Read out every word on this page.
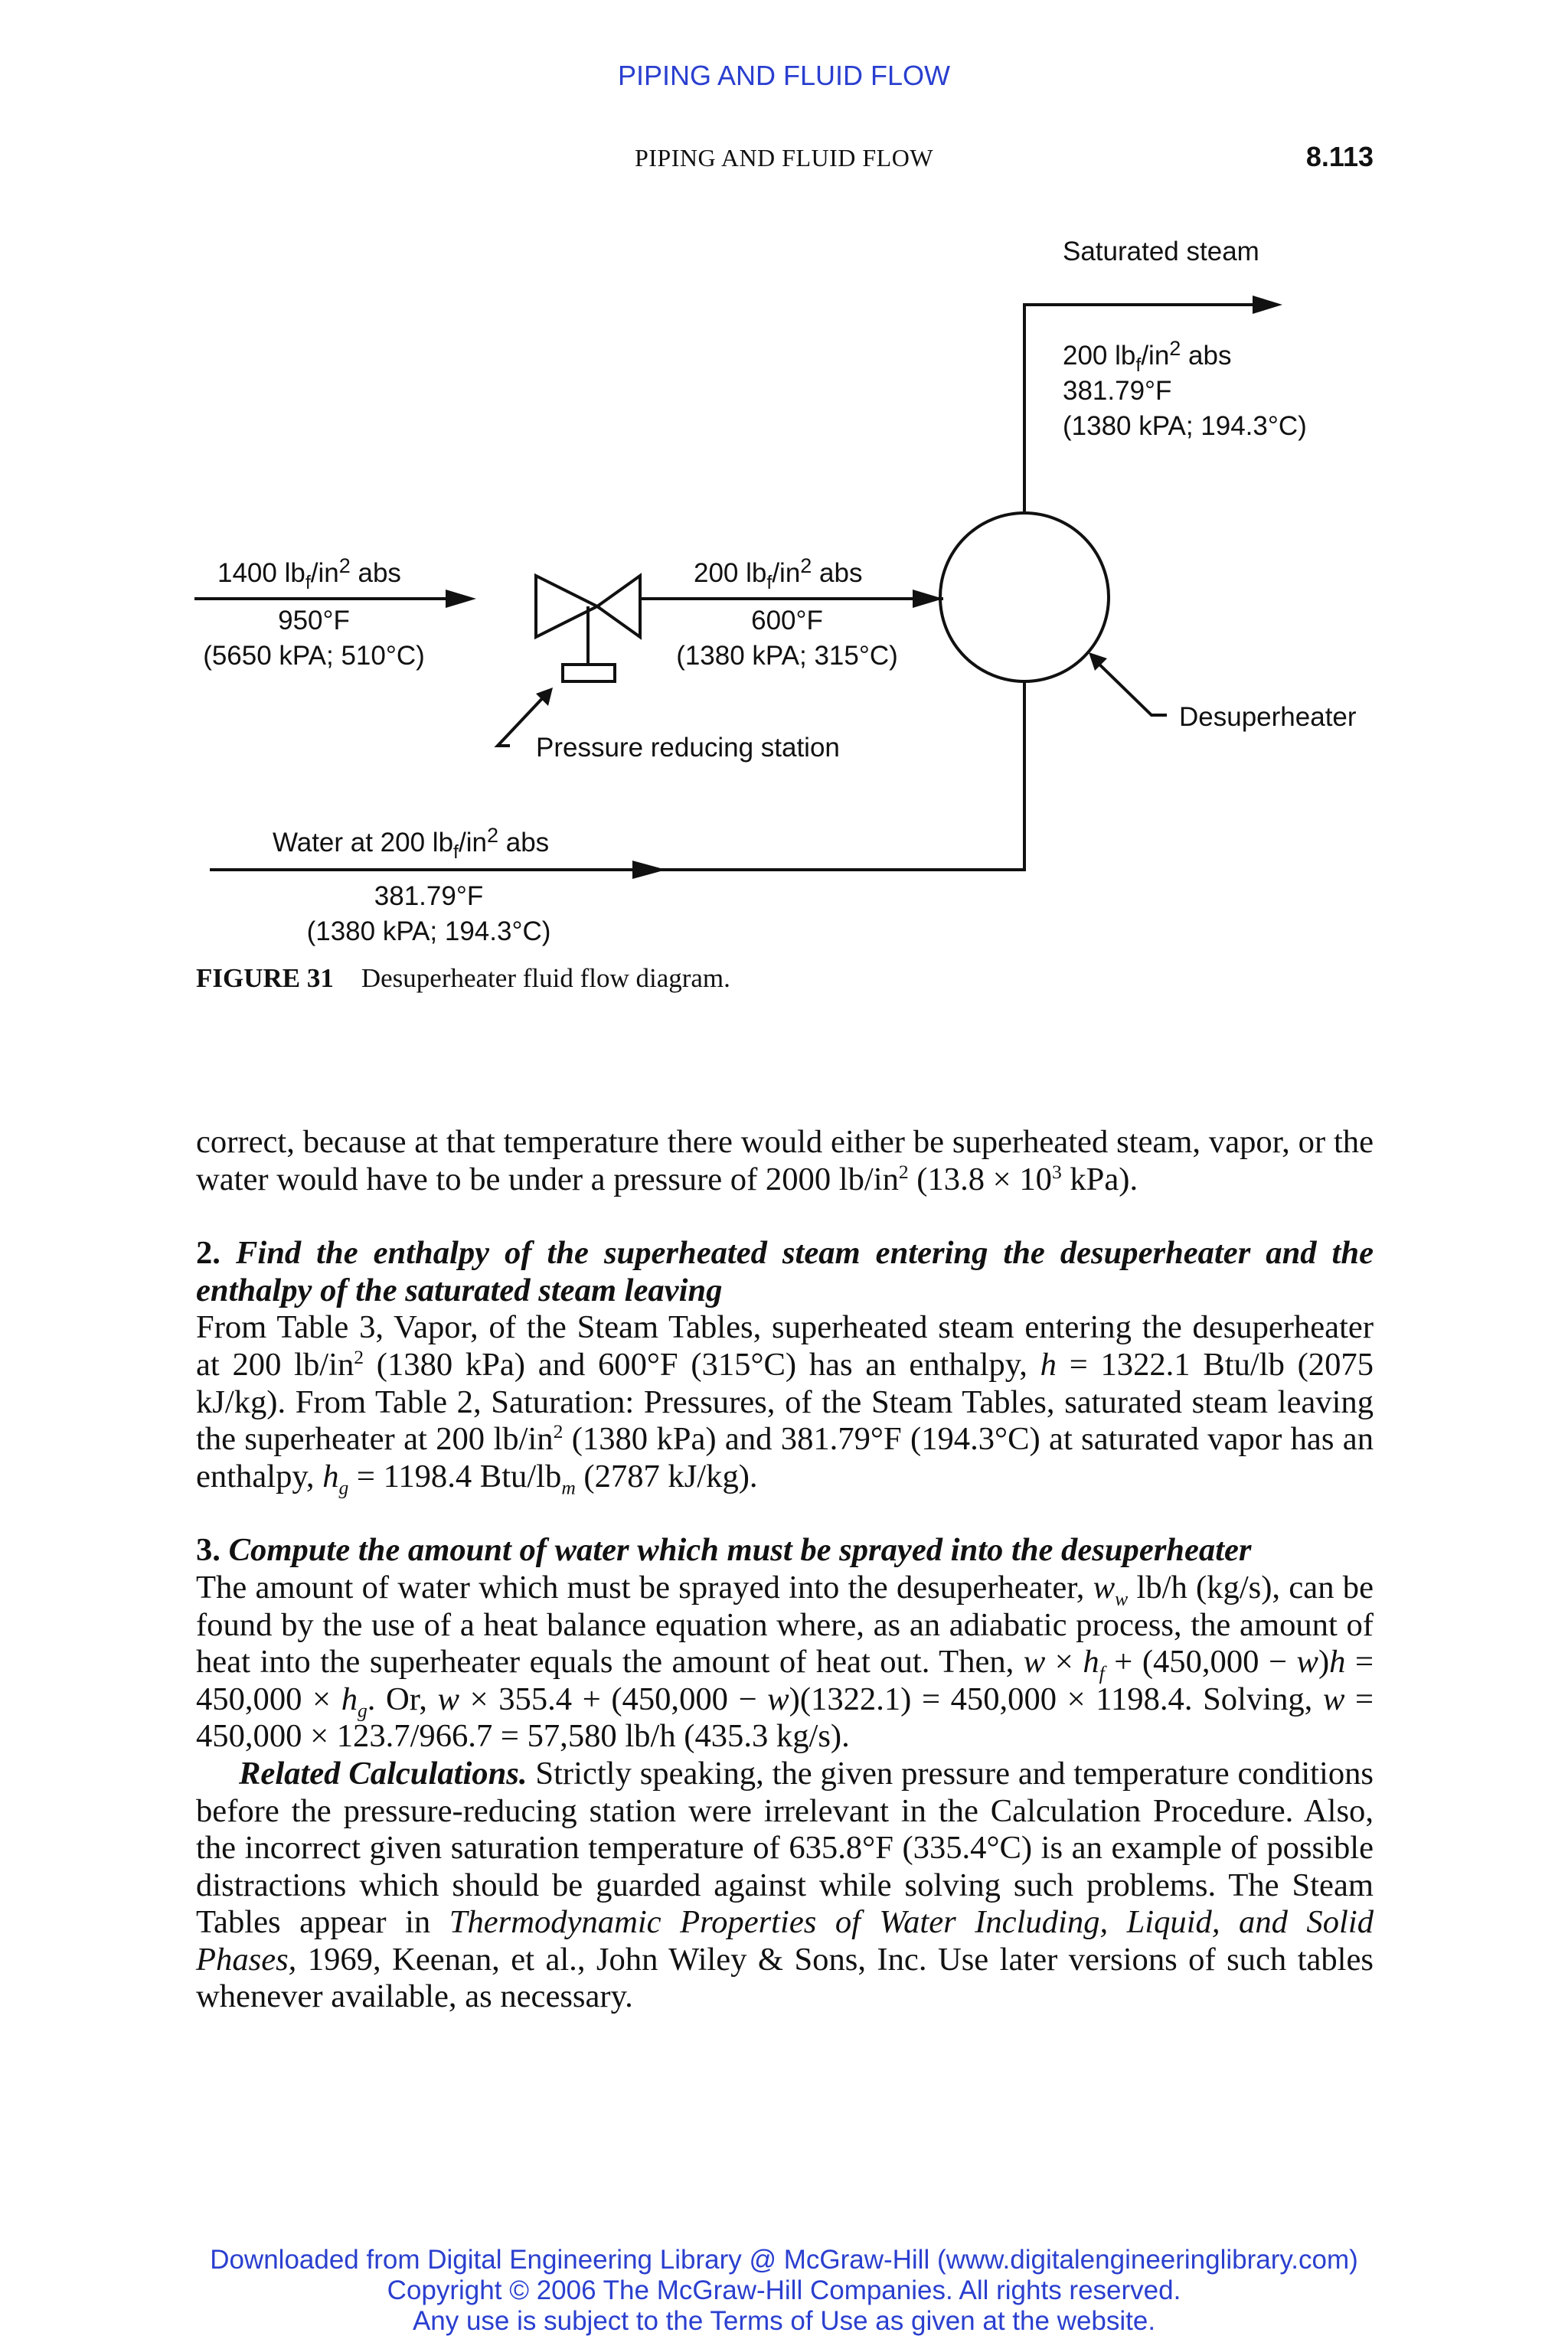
PIPING AND FLUID FLOW
PIPING AND FLUID FLOW	8.113
Saturated steam
200 $lb_f/in^2$ abs
381.79°F
(1380 kPA; 194.3°C)
1400 $lb_f/in^2$ abs
950°F
(5650 kPA; 510°C)
200 $lb_f/in^2$ abs
600°F
(1380 kPA; 315°C)
Pressure reducing station
Desuperheater
Water at 200 $lb_f/in^2$ abs
381.79°F
(1380 kPA; 194.3°C)
FIGURE 31 Desuperheater fluid flow diagram.

correct, because at that temperature there would either be superheated steam, vapor, or the water would have to be under a pressure of 2000 $lb/in^2$ ($13.8 \times 10^3$ kPa).

2. Find the enthalpy of the superheated steam entering the desuperheater and the enthalpy of the saturated steam leaving

From Table 3, Vapor, of the Steam Tables, superheated steam entering the desuperheater at 200 $lb/in^2$ (1380 kPa) and 600°F (315°C) has an enthalpy, h = 1322.1 Btu/lb (2075 kJ/kg). From Table 2, Saturation: Pressures, of the Steam Tables, saturated steam leaving the superheater at 200 $lb/in^2$ (1380 kPa) and 381.79°F (194.3°C) at saturated vapor has an enthalpy, $h_g = 1198.4$ Btu/$lb_m$ (2787 kJ/kg).

3. Compute the amount of water which must be sprayed into the desuperheater

The amount of water which must be sprayed into the desuperheater, $w_w$ lb/h (kg/s), can be found by the use of a heat balance equation where, as an adiabatic process, the amount of heat into the superheater equals the amount of heat out. Then, $w \times h_f + (450,000 - w)h = 450,000 \times h_g$. Or, w × 355.4 + (450,000 − w)(1322.1) = 450,000 × 1198.4. Solving, w = 450,000 × 123.7/966.7 = 57,580 lb/h (435.3 kg/s).

Related Calculations. Strictly speaking, the given pressure and temperature conditions before the pressure-reducing station were irrelevant in the Calculation Procedure. Also, the incorrect given saturation temperature of 635.8°F (335.4°C) is an example of possible distractions which should be guarded against while solving such problems. The Steam Tables appear in Thermodynamic Properties of Water Including, Liquid, and Solid Phases, 1969, Keenan, et al., John Wiley & Sons, Inc. Use later versions of such tables whenever available, as necessary.

Downloaded from Digital Engineering Library @ McGraw-Hill (www.digitalengineeringlibrary.com)
Copyright © 2006 The McGraw-Hill Companies. All rights reserved.
Any use is subject to the Terms of Use as given at the website.
